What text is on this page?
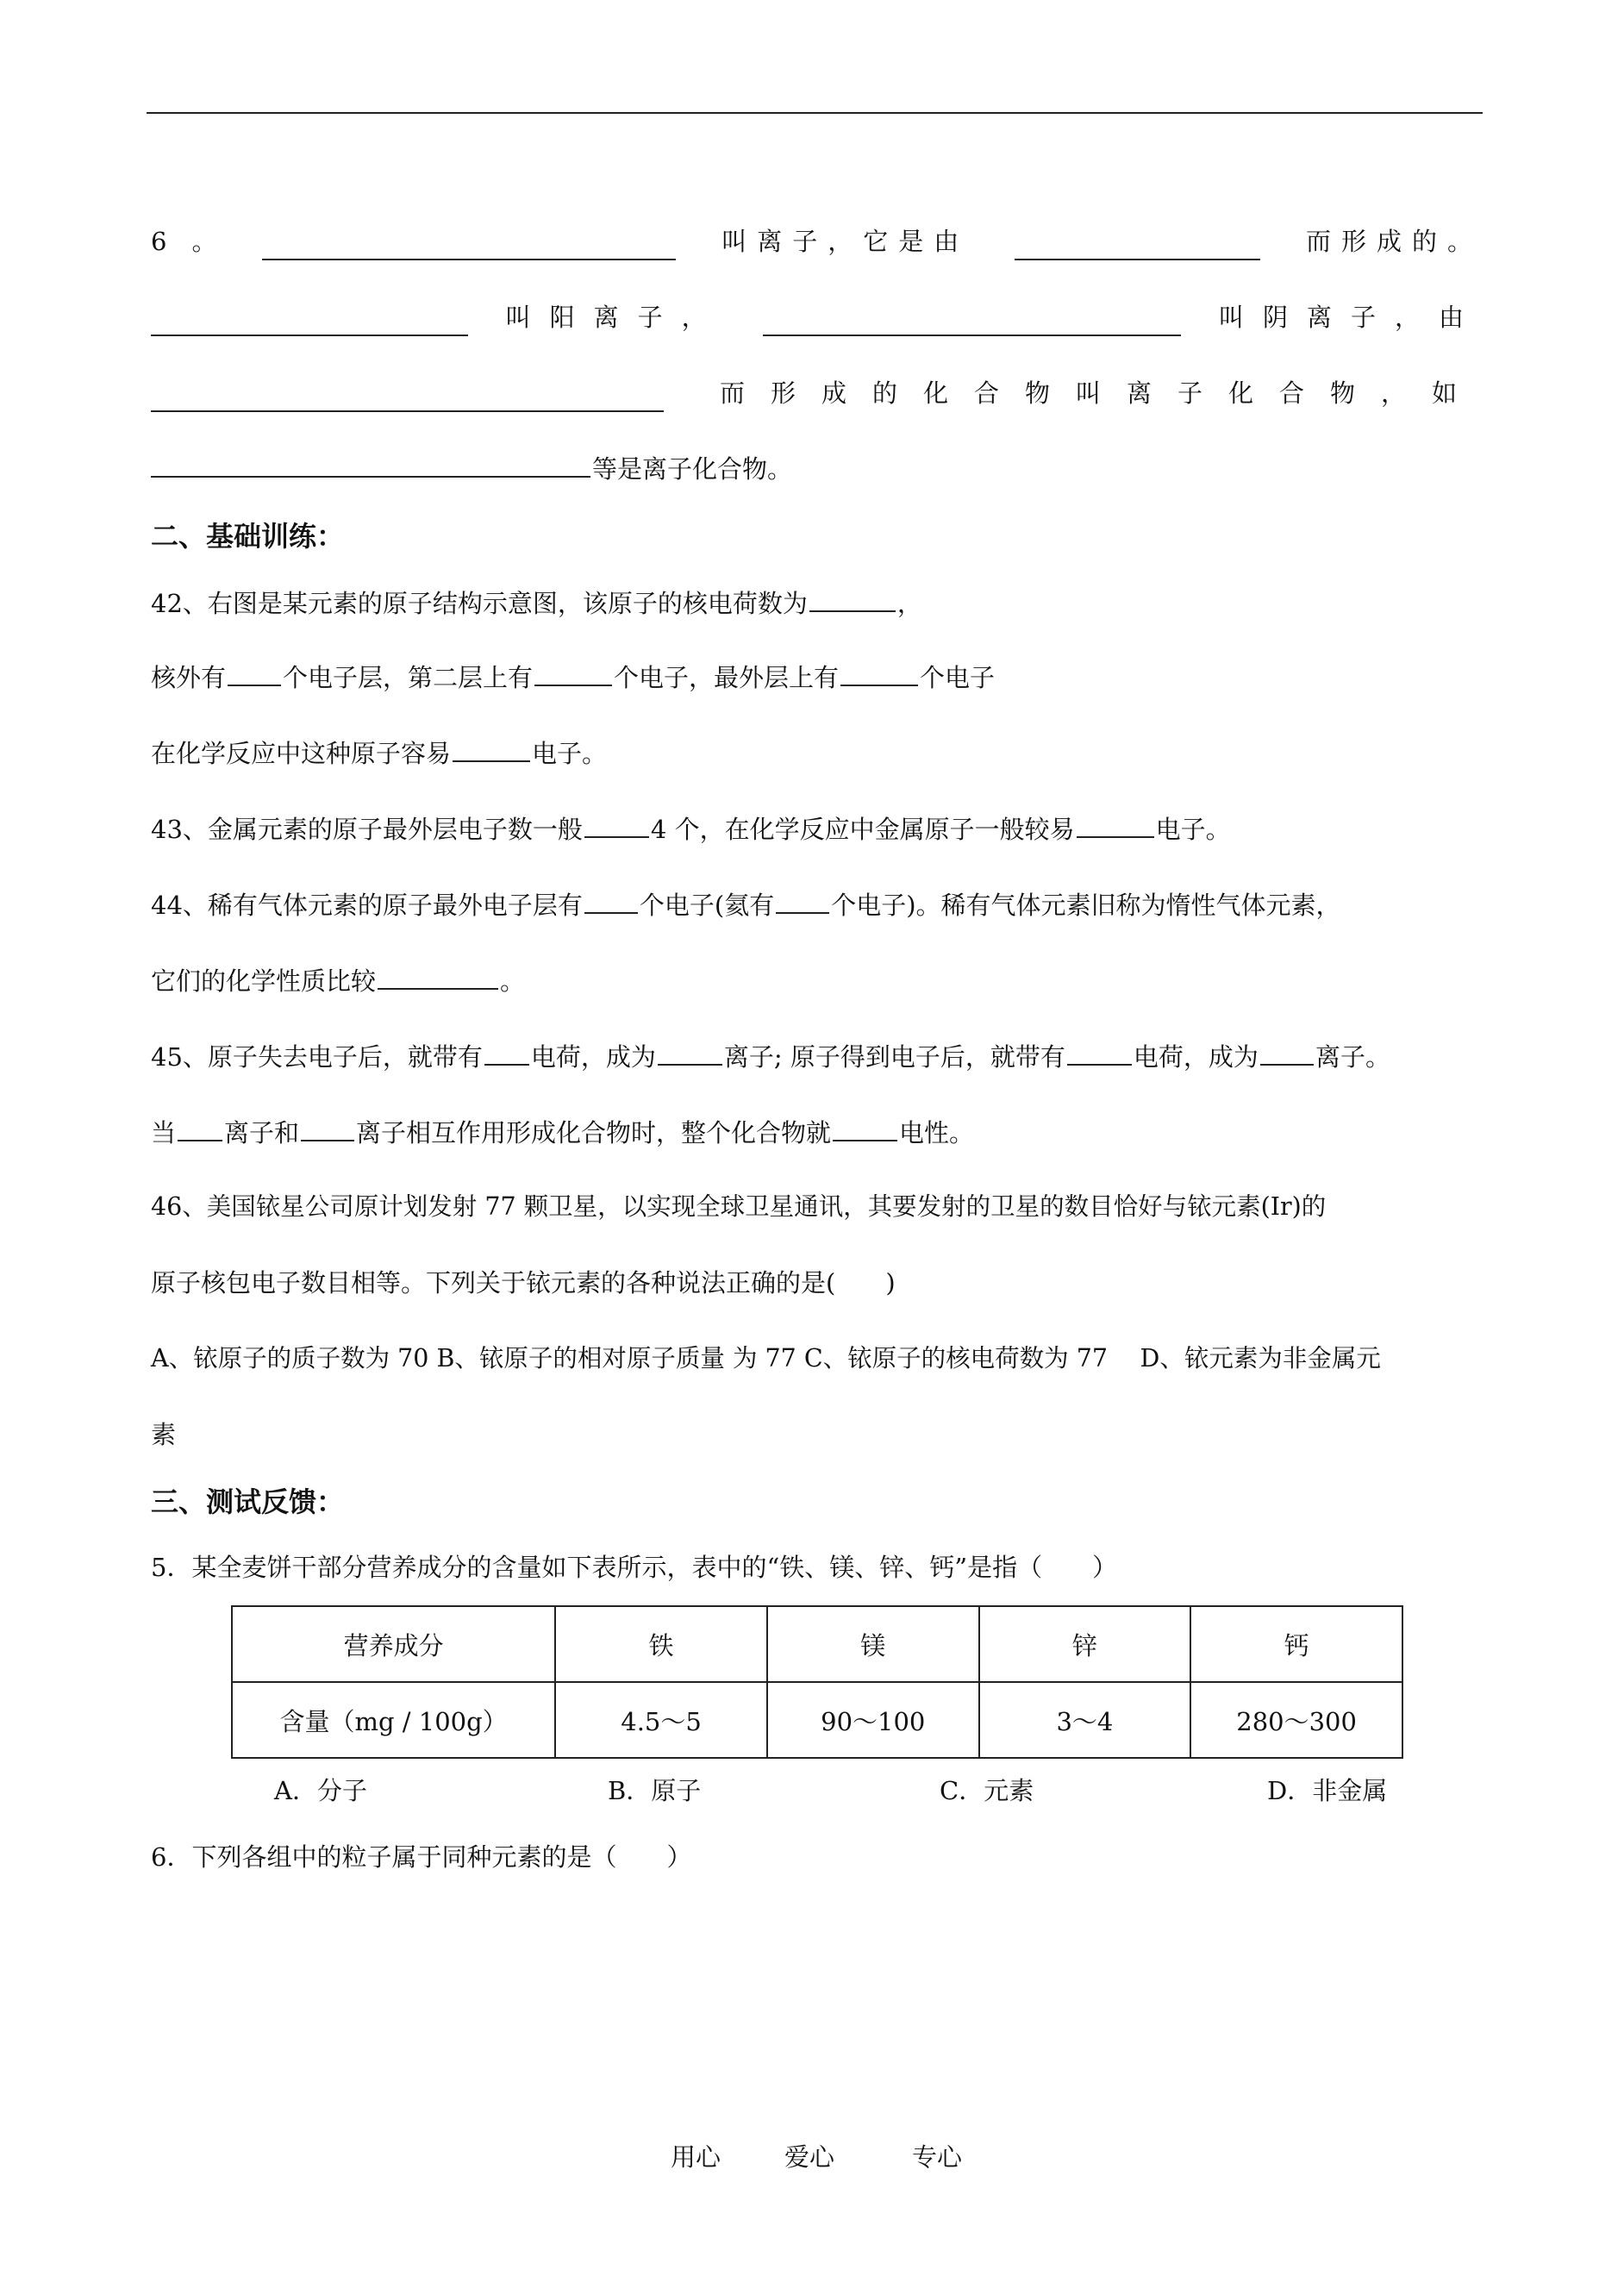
6　。	叫离子，它是由	而形成的。
叫阳离子，	叫阴离子，由
而形成的化合物叫离子化合物，如
等是离子化合物。
二、基础训练：
42、右图是某元素的原子结构示意图，该原子的核电荷数为	，
核外有 个电子层，第二层上有	个电子，最外层上有	个电子
在化学反应中这种原子容易	电子。
43、金属元素的原子最外层电子数一般	4 个，在化学反应中金属原子一般较易	电子。
44、稀有气体元素的原子最外电子层有 个电子(氦有 个电子)。稀有气体元素旧称为惰性气体元素，
它们的化学性质比较	。
45、原子失去电子后，就带有 电荷，成为	离子; 原子得到电子后，就带有	电荷，成为 离子。
当 离子和 离子相互作用形成化合物时，整个化合物就	电性。
46、美国铱星公司原计划发射 77 颗卫星，以实现全球卫星通讯，其要发射的卫星的数目恰好与铱元素(Ir)的
原子核包电子数目相等。下列关于铱元素的各种说法正确的是(　　)
A、铱原子的质子数为 70 B、铱原子的相对原子质量 为 77 C、铱原子的核电荷数为 77　 D、铱元素为非金属元
素
三、测试反馈：
5．某全麦饼干部分营养成分的含量如下表所示，表中的“铁、镁、锌、钙”是指（　　）
营养成分	铁	镁	锌	钙
含量（mg / 100g）	4.5～5	90～100	3～4	280～300
A．分子	B．原子	C．元素	D．非金属
6．下列各组中的粒子属于同种元素的是（　　）
用心	爱心	专心
